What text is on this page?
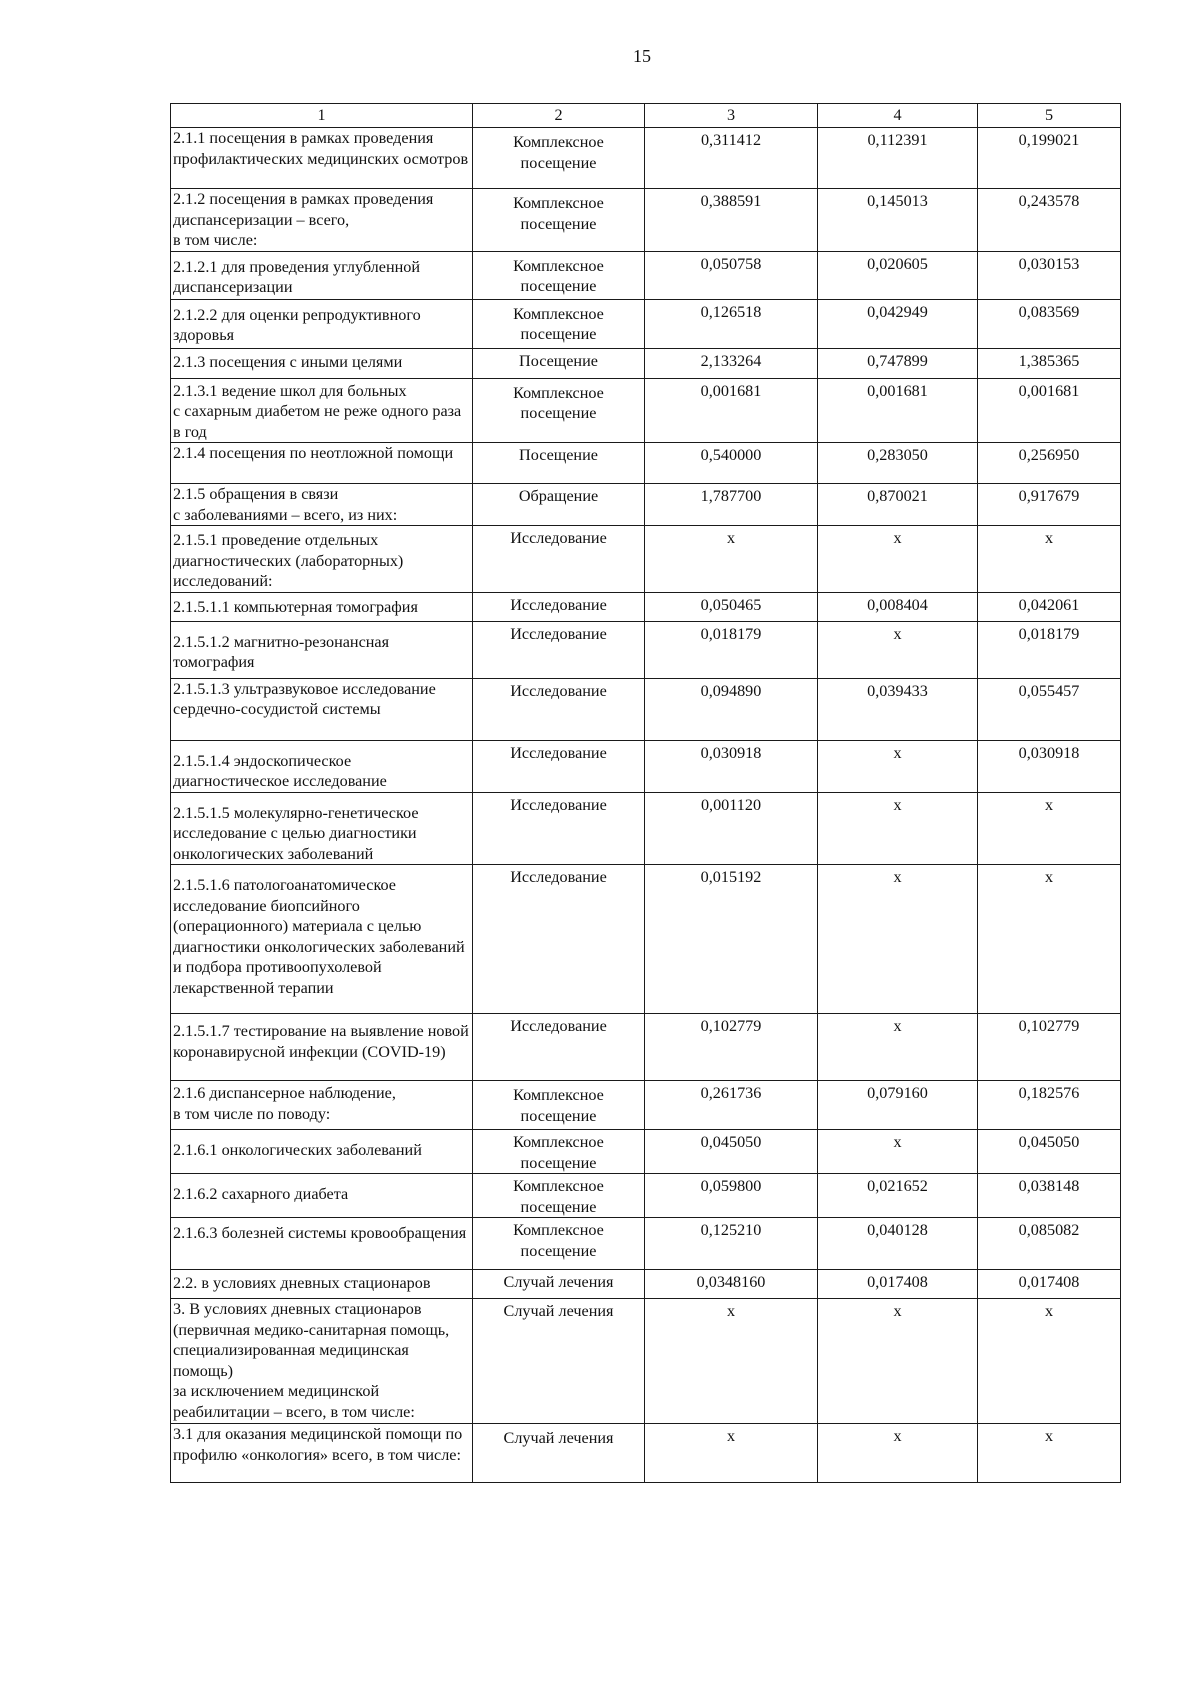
15
1	2	3	4	5

2.1.1 посещения в рамках проведения профилактических медицинских осмотров	Комплексное посещение	0,311412	0,112391	0,199021

2.1.2 посещения в рамках проведения диспансеризации – всего,
в том числе:	Комплексное посещение	0,388591	0,145013	0,243578

2.1.2.1 для проведения углубленной диспансеризации	Комплексное посещение	0,050758	0,020605	0,030153

2.1.2.2 для оценки репродуктивного здоровья	Комплексное посещение	0,126518	0,042949	0,083569

2.1.3 посещения с иными целями	Посещение	2,133264	0,747899	1,385365

2.1.3.1 ведение школ для больных
с сахарным диабетом не реже одного раза в год	Комплексное посещение	0,001681	0,001681	0,001681

2.1.4 посещения по неотложной помощи	Посещение	0,540000	0,283050	0,256950

2.1.5 обращения в связи
с заболеваниями – всего, из них:	Обращение	1,787700	0,870021	0,917679

2.1.5.1 проведение отдельных диагностических (лабораторных) исследований:	Исследование	х	х	х

2.1.5.1.1 компьютерная томография	Исследование	0,050465	0,008404	0,042061

2.1.5.1.2 магнитно-резонансная томография	Исследование	0,018179	х	0,018179

2.1.5.1.3 ультразвуковое исследование сердечно-сосудистой системы	Исследование	0,094890	0,039433	0,055457

2.1.5.1.4 эндоскопическое диагностическое исследование	Исследование	0,030918	х	0,030918

2.1.5.1.5 молекулярно-генетическое исследование с целью диагностики онкологических заболеваний	Исследование	0,001120	х	х

2.1.5.1.6 патологоанатомическое исследование биопсийного (операционного) материала с целью диагностики онкологических заболеваний и подбора противоопухолевой лекарственной терапии	Исследование	0,015192	х	х

2.1.5.1.7 тестирование на выявление новой коронавирусной инфекции (COVID-19)	Исследование	0,102779	х	0,102779

2.1.6 диспансерное наблюдение,
в том числе по поводу:	Комплексное посещение	0,261736	0,079160	0,182576

2.1.6.1 онкологических заболеваний	Комплексное посещение	0,045050	х	0,045050

2.1.6.2 сахарного диабета	Комплексное посещение	0,059800	0,021652	0,038148

2.1.6.3 болезней системы кровообращения	Комплексное посещение	0,125210	0,040128	0,085082

2.2. в условиях дневных стационаров	Случай лечения	0,0348160	0,017408	0,017408

3. В условиях дневных стационаров (первичная медико-санитарная помощь, специализированная медицинская помощь)
за исключением медицинской реабилитации – всего, в том числе:	Случай лечения	х	х	х

3.1 для оказания медицинской помощи по профилю «онкология» всего, в том числе:	Случай лечения	х	х	х
